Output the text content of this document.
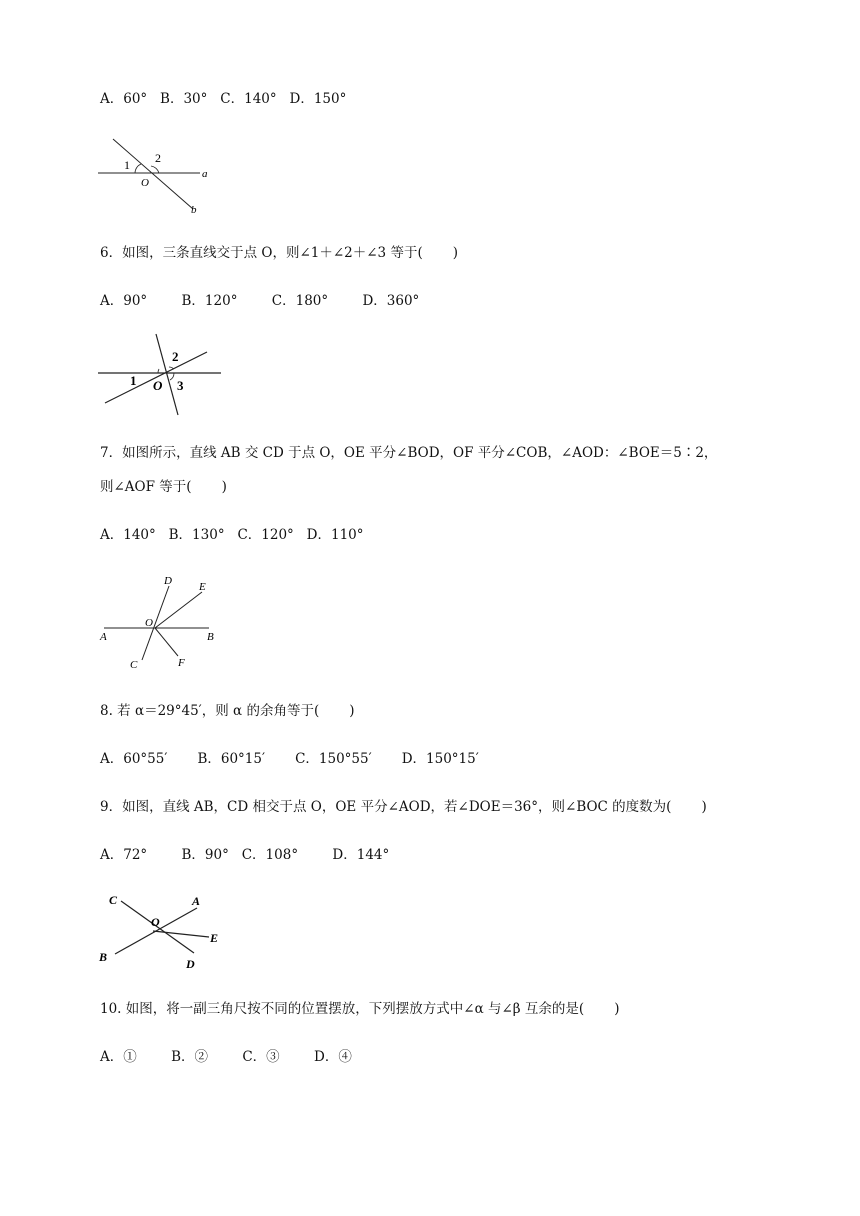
A．60°   B．30°   C．140°   D．150°
1 2
O
a
b
6．如图，三条直线交于点 O，则∠1＋∠2＋∠3 等于(       )
A．90°        B．120°        C．180°        D．360°
1
2
3
O
7．如图所示，直线 AB 交 CD 于点 O，OE 平分∠BOD，OF 平分∠COB，∠AOD：∠BOE＝5∶2，
则∠AOF 等于(       )
A．140°   B．130°   C．120°   D．110°
D E
O
A	B
C	F
8. 若 α＝29°45′，则 α 的余角等于(       )
A．60°55′       B．60°15′       C．150°55′       D．150°15′
9．如图，直线 AB，CD 相交于点 O，OE 平分∠AOD，若∠DOE＝36°，则∠BOC 的度数为(       )
A．72°        B．90°   C．108°        D．144°
C	A
O
E
B	D
10. 如图，将一副三角尺按不同的位置摆放，下列摆放方式中∠α 与∠β 互余的是(       )
A．①        B．②        C．③        D．④
